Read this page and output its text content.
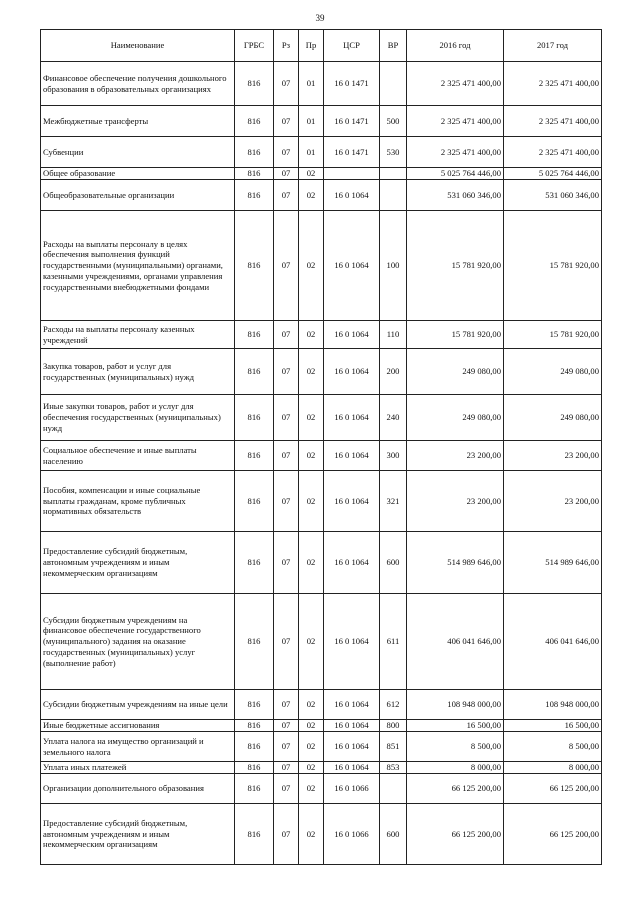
39
Наименование	ГРБС	Рз	Пр	ЦСР	ВР	2016 год	2017 год
Финансовое обеспечение получения дошкольного образования в образовательных организациях	816	07	01	16 0 1471		2 325 471 400,00	2 325 471 400,00
Межбюджетные трансферты	816	07	01	16 0 1471	500	2 325 471 400,00	2 325 471 400,00
Субвенции	816	07	01	16 0 1471	530	2 325 471 400,00	2 325 471 400,00
Общее образование	816	07	02			5 025 764 446,00	5 025 764 446,00
Общеобразовательные организации	816	07	02	16 0 1064		531 060 346,00	531 060 346,00
Расходы на выплаты персоналу в целях обеспечения выполнения функций государственными (муниципальными) органами, казенными учреждениями, органами управления государственными внебюджетными фондами	816	07	02	16 0 1064	100	15 781 920,00	15 781 920,00
Расходы на выплаты персоналу казенных учреждений	816	07	02	16 0 1064	110	15 781 920,00	15 781 920,00
Закупка товаров, работ и услуг для государственных (муниципальных) нужд	816	07	02	16 0 1064	200	249 080,00	249 080,00
Иные закупки товаров, работ и услуг для обеспечения государственных (муниципальных) нужд	816	07	02	16 0 1064	240	249 080,00	249 080,00
Социальное обеспечение и иные выплаты населению	816	07	02	16 0 1064	300	23 200,00	23 200,00
Пособия, компенсации и иные социальные выплаты гражданам, кроме публичных нормативных обязательств	816	07	02	16 0 1064	321	23 200,00	23 200,00
Предоставление субсидий бюджетным, автономным учреждениям и иным некоммерческим организациям	816	07	02	16 0 1064	600	514 989 646,00	514 989 646,00
Субсидии бюджетным учреждениям на финансовое обеспечение государственного (муниципального) задания на оказание государственных (муниципальных) услуг (выполнение работ)	816	07	02	16 0 1064	611	406 041 646,00	406 041 646,00
Субсидии бюджетным учреждениям на иные цели	816	07	02	16 0 1064	612	108 948 000,00	108 948 000,00
Иные бюджетные ассигнования	816	07	02	16 0 1064	800	16 500,00	16 500,00
Уплата налога на имущество организаций и земельного налога	816	07	02	16 0 1064	851	8 500,00	8 500,00
Уплата иных платежей	816	07	02	16 0 1064	853	8 000,00	8 000,00
Организации дополнительного образования	816	07	02	16 0 1066		66 125 200,00	66 125 200,00
Предоставление субсидий бюджетным, автономным учреждениям и иным некоммерческим организациям	816	07	02	16 0 1066	600	66 125 200,00	66 125 200,00
